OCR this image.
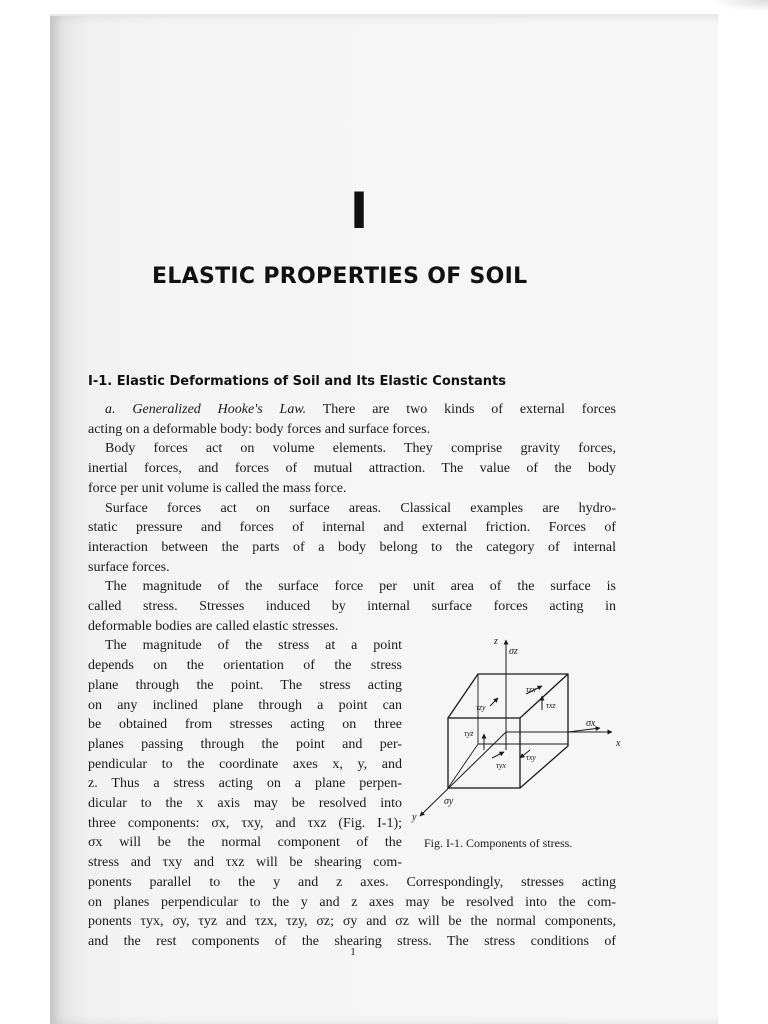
I
ELASTIC PROPERTIES OF SOIL
I-1. Elastic Deformations of Soil and Its Elastic Constants
a. Generalized Hooke's Law. There are two kinds of external forces
acting on a deformable body: body forces and surface forces.
Body forces act on volume elements. They comprise gravity forces,
inertial forces, and forces of mutual attraction. The value of the body
force per unit volume is called the mass force.
Surface forces act on surface areas. Classical examples are hydro-
static pressure and forces of internal and external friction. Forces of
interaction between the parts of a body belong to the category of internal
surface forces.
The magnitude of the surface force per unit area of the surface is
called stress. Stresses induced by internal surface forces acting in
deformable bodies are called elastic stresses.
The magnitude of the stress at a point
depends on the orientation of the stress
plane through the point. The stress acting
on any inclined plane through a point can
be obtained from stresses acting on three
planes passing through the point and per-
pendicular to the coordinate axes x, y, and
z. Thus a stress acting on a plane perpen-
dicular to the x axis may be resolved into
three components: σx, τxy, and τxz (Fig. I-1);
σx will be the normal component of the
stress and τxy and τxz will be shearing com-
ponents parallel to the y and z axes. Correspondingly, stresses acting
on planes perpendicular to the y and z axes may be resolved into the com-
ponents τyx, σy, τyz and τzx, τzy, σz; σy and σz will be the normal components,
and the rest components of the shearing stress. The stress conditions of
z
σz
x
σx
y
σy
τzx
τzy	τxz
τxy
τyz
τyx
Fig. I-1. Components of stress.
1
